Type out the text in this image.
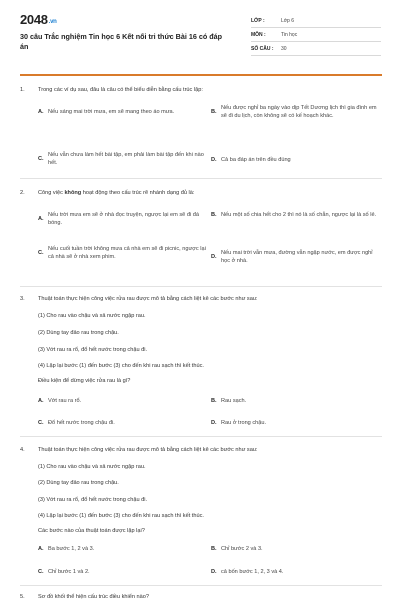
2048.vn
30 câu Trắc nghiệm Tin học 6 Kết nối tri thức Bài 16 có đáp án
LỚP :	Lớp 6
MÔN :	Tin học
SỐ CÂU :	30
1. Trong các ví dụ sau, đâu là câu có thể biểu diễn bằng cấu trúc lặp:
A. Nếu sáng mai trời mưa, em sẽ mang theo áo mưa.	B.
Nếu được nghỉ ba ngày vào dịp Tết Dương lịch thì gia đình em sẽ đi du lịch, còn không sẽ có kế hoạch khác.
C.
Nếu vẫn chưa làm hết bài tập, em phải làm bài tập đến khi nào hết.	D. Cả ba đáp án trên đều đúng
2. Công việc không hoạt động theo cấu trúc rẽ nhánh dạng đủ là:
A.
Nếu trời mưa em sẽ ở nhà đọc truyện, ngược lại em sẽ đi đá bóng.
B. Nếu một số chia hết cho 2 thì nó là số chẵn, ngược lại là số lẻ.
C.
Nếu cuối tuần trời không mưa cả nhà em sẽ đi picnic, ngược lại cả nhà sẽ ở nhà xem phim.	D.
Nếu mai trời vẫn mưa, đường vẫn ngập nước, em được nghỉ học ở nhà.
3. Thuật toán thực hiện công việc rửa rau được mô tả bằng cách liệt kê các bước như sau:
(1) Cho rau vào chậu và xả nước ngập rau.
(2) Dùng tay đảo rau trong chậu.
(3) Vớt rau ra rổ, đổ hết nước trong chậu đi.
(4) Lặp lại bước (1) đến bước (3) cho đến khi rau sạch thì kết thúc.
Điều kiện để dừng việc rửa rau là gì?
A. Vớt rau ra rổ.	B. Rau sạch.
C. Đổ hết nước trong chậu đi.	D. Rau ở trong chậu.
4. Thuật toán thực hiện công việc rửa rau được mô tả bằng cách liệt kê các bước như sau:
(1) Cho rau vào chậu và xả nước ngập rau.
(2) Dùng tay đảo rau trong chậu.
(3) Vớt rau ra rổ, đổ hết nước trong chậu đi.
(4) Lặp lại bước (1) đến bước (3) cho đến khi rau sạch thì kết thúc.
Các bước nào của thuật toán được lặp lại?
A. Ba bước 1, 2 và 3.	B. Chỉ bước 2 và 3.
C. Chỉ bước 1 và 2.	D. cả bốn bước 1, 2, 3 và 4.
5. Sơ đồ khối thể hiện cấu trúc điều khiển nào?
